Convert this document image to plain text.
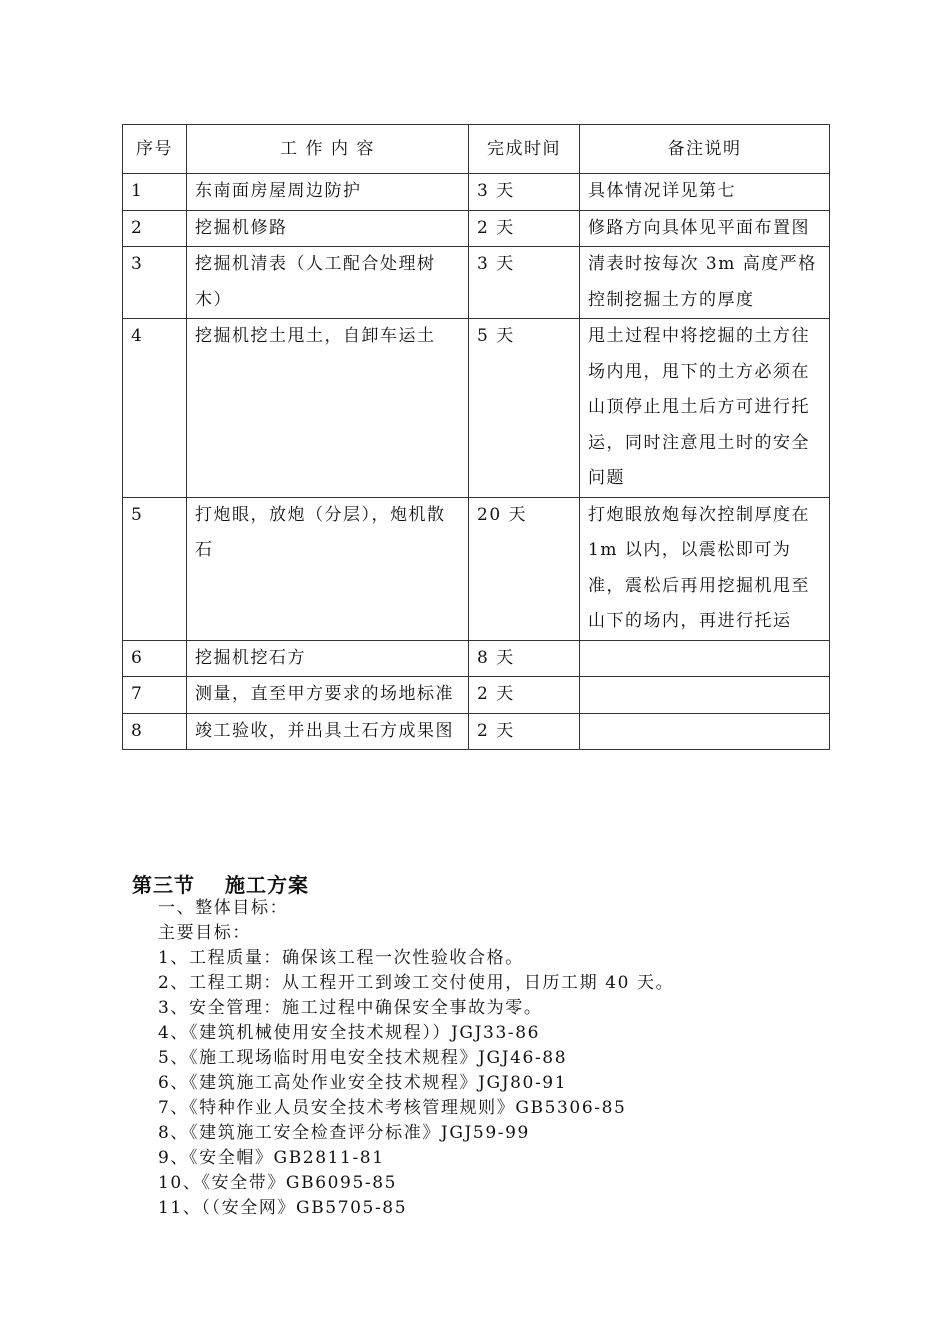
序号	工 作 内 容	完成时间	备注说明
1	东南面房屋周边防护	3 天	具体情况详见第七
2	挖掘机修路	2 天	修路方向具体见平面布置图
3	挖掘机清表（人工配合处理树木）	3 天	清表时按每次 3m 高度严格控制挖掘土方的厚度
4	挖掘机挖土甩土，自卸车运土	5 天	甩土过程中将挖掘的土方往场内甩，甩下的土方必须在山顶停止甩土后方可进行托运，同时注意甩土时的安全问题
5	打炮眼，放炮（分层），炮机散石	20 天	打炮眼放炮每次控制厚度在 1m 以内，以震松即可为准，震松后再用挖掘机甩至山下的场内，再进行托运
6	挖掘机挖石方	8 天	
7	测量，直至甲方要求的场地标准	2 天	
8	竣工验收，并出具土石方成果图	2 天	
第三节 施工方案
一、整体目标：
主要目标：
1、工程质量：确保该工程一次性验收合格。
2、工程工期：从工程开工到竣工交付使用，日历工期 40 天。
3、安全管理：施工过程中确保安全事故为零。
4、《建筑机械使用安全技术规程））JGJ33-86
5、《施工现场临时用电安全技术规程》JGJ46-88
6、《建筑施工高处作业安全技术规程》JGJ80-91
7、《特种作业人员安全技术考核管理规则》GB5306-85
8、《建筑施工安全检查评分标准》JGJ59-99
9、《安全帽》GB2811-81
10、《安全带》GB6095-85
11、（（安全网》GB5705-85
